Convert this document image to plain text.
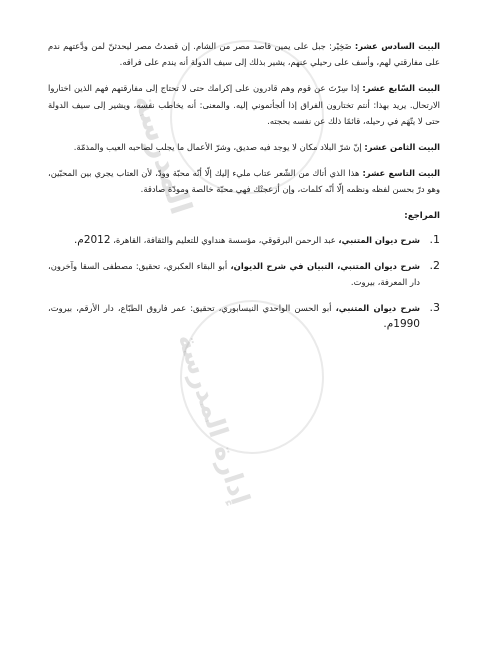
المدرسة
إدارة المدرسة

البيت السادس عشر: ضَخِيْر: جبل على يمين قاصد مصر من الشام. إن قصدتُ مصر ليحدثنّ لمن ودَّعتهم ندم على مفارقتي لهم، وأسف على رحيلي عنهم، يشير بذلك إلى سيف الدولة أنه يندم على فراقه.

البيت السّابع عشر: إذا سِرْتَ عن قوم وهم قادرون على إكرامك حتى لا تحتاج إلى مفارقتهم فهم الذين اختاروا الارتحال. يريد بهذا: أنتم تختارون الفراق إذا ألجأتموني إليه. والمعنى: أنه يخاطب نفسه، ويشير إلى سيف الدولة حتى لا يتّهَم في رحيله، قائمًا ذلك عن نفسه بحجته.

البيت الثامن عشر: إنّ شرّ البلاد مكان لا يوجد فيه صديق، وشرّ الأعمال ما يجلب لصاحبه العيب والمذمّة.

البيت التاسع عشر: هذا الذي أتاك من الشّعر عتاب مليء إليك إلّا أنّه محبّة وودّ، لأن العتاب يجري بين المحبّين، وهو درّ بحسن لفظه ونظمه إلّا أنّه كلمات، وإن أزعجتْك فهي محبّة خالصة ومودّة صادقة.

المراجع:

1.
شرح ديوان المتنبي، عبد الرحمن البرقوقي، مؤسسة هنداوي للتعليم والثقافة، القاهرة، 2012م.
2.
شرح ديوان المتنبي، التبيان في شرح الديوان، أبو البقاء العكبري، تحقيق: مصطفى السقا وآخرون، دار المعرفة، بيروت.
3.
شرح ديوان المتنبي، أبو الحسن الواحدي النيسابوري، تحقيق: عمر فاروق الطبّاع، دار الأرقم، بيروت، 1990م.
